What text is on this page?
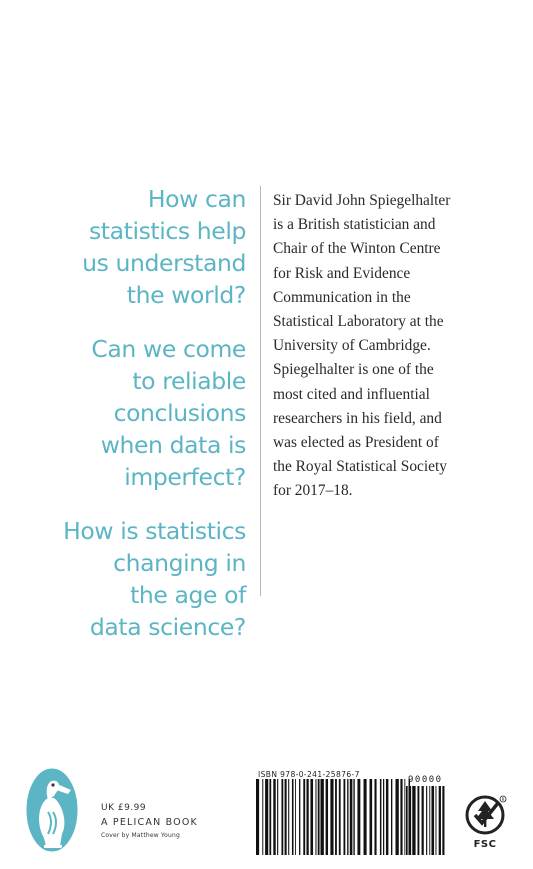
How can
statistics help
us understand
the world?

Can we come
to reliable
conclusions
when data is
imperfect?

How is statistics
changing in
the age of
data science?

Sir David John Spiegelhalter
is a British statistician and
Chair of the Winton Centre
for Risk and Evidence
Communication in the
Statistical Laboratory at the
University of Cambridge.
Spiegelhalter is one of the
most cited and influential
researchers in his field, and
was elected as President of
the Royal Statistical Society
for 2017–18.
UK £9.99
A PELICAN BOOK
Cover by Matthew Young
ISBN 978-0-241-25876-7
90000
R
FSC
